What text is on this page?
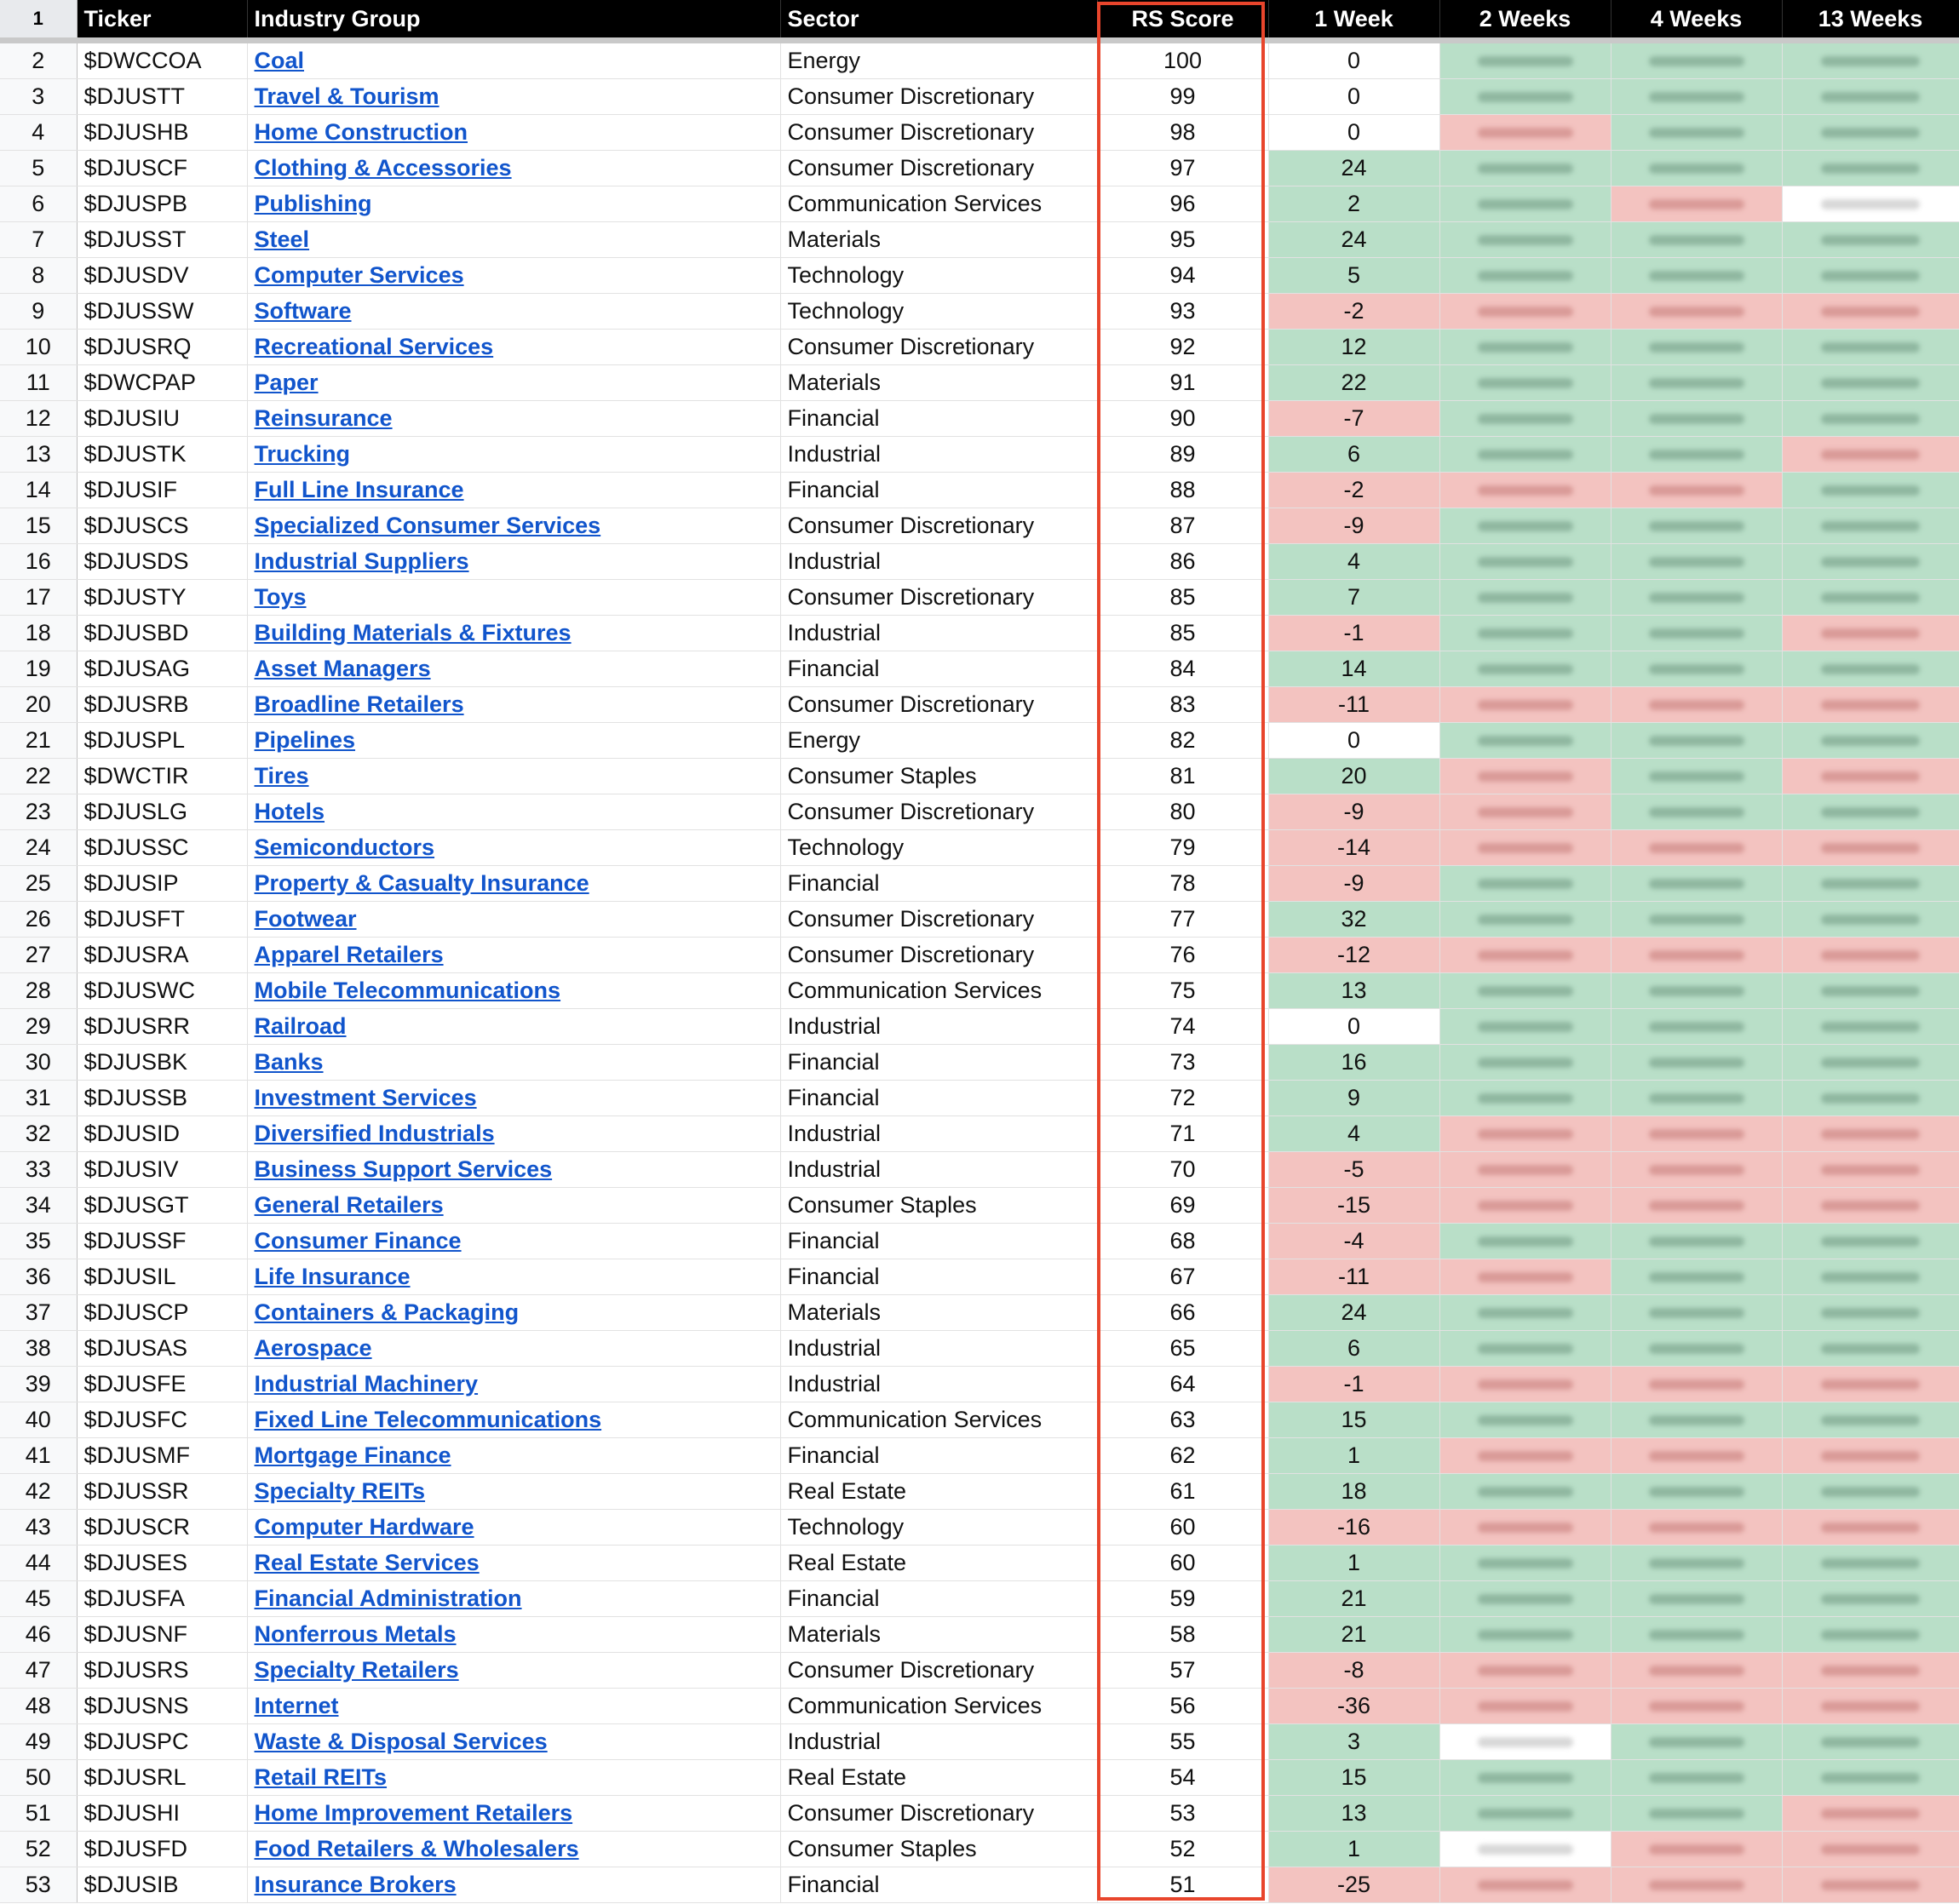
1	Ticker	Industry Group	Sector	RS Score	1 Week	2 Weeks	4 Weeks	13 Weeks
2	$DWCCOA	Coal	Energy	100	0	

3	$DJUSTT	Travel & Tourism	Consumer Discretionary	99	0	

4	$DJUSHB	Home Construction	Consumer Discretionary	98	0	

5	$DJUSCF	Clothing & Accessories	Consumer Discretionary	97	24	

6	$DJUSPB	Publishing	Communication Services	96	2	

7	$DJUSST	Steel	Materials	95	24	

8	$DJUSDV	Computer Services	Technology	94	5	

9	$DJUSSW	Software	Technology	93	-2	

10	$DJUSRQ	Recreational Services	Consumer Discretionary	92	12	

11	$DWCPAP	Paper	Materials	91	22	

12	$DJUSIU	Reinsurance	Financial	90	-7	

13	$DJUSTK	Trucking	Industrial	89	6	

14	$DJUSIF	Full Line Insurance	Financial	88	-2	

15	$DJUSCS	Specialized Consumer Services	Consumer Discretionary	87	-9	

16	$DJUSDS	Industrial Suppliers	Industrial	86	4	

17	$DJUSTY	Toys	Consumer Discretionary	85	7	

18	$DJUSBD	Building Materials & Fixtures	Industrial	85	-1	

19	$DJUSAG	Asset Managers	Financial	84	14	

20	$DJUSRB	Broadline Retailers	Consumer Discretionary	83	-11	

21	$DJUSPL	Pipelines	Energy	82	0	

22	$DWCTIR	Tires	Consumer Staples	81	20	

23	$DJUSLG	Hotels	Consumer Discretionary	80	-9	

24	$DJUSSC	Semiconductors	Technology	79	-14	

25	$DJUSIP	Property & Casualty Insurance	Financial	78	-9	

26	$DJUSFT	Footwear	Consumer Discretionary	77	32	

27	$DJUSRA	Apparel Retailers	Consumer Discretionary	76	-12	

28	$DJUSWC	Mobile Telecommunications	Communication Services	75	13	

29	$DJUSRR	Railroad	Industrial	74	0	

30	$DJUSBK	Banks	Financial	73	16	

31	$DJUSSB	Investment Services	Financial	72	9	

32	$DJUSID	Diversified Industrials	Industrial	71	4	

33	$DJUSIV	Business Support Services	Industrial	70	-5	

34	$DJUSGT	General Retailers	Consumer Staples	69	-15	

35	$DJUSSF	Consumer Finance	Financial	68	-4	

36	$DJUSIL	Life Insurance	Financial	67	-11	

37	$DJUSCP	Containers & Packaging	Materials	66	24	

38	$DJUSAS	Aerospace	Industrial	65	6	

39	$DJUSFE	Industrial Machinery	Industrial	64	-1	

40	$DJUSFC	Fixed Line Telecommunications	Communication Services	63	15	

41	$DJUSMF	Mortgage Finance	Financial	62	1	

42	$DJUSSR	Specialty REITs	Real Estate	61	18	

43	$DJUSCR	Computer Hardware	Technology	60	-16	

44	$DJUSES	Real Estate Services	Real Estate	60	1	

45	$DJUSFA	Financial Administration	Financial	59	21	

46	$DJUSNF	Nonferrous Metals	Materials	58	21	

47	$DJUSRS	Specialty Retailers	Consumer Discretionary	57	-8	

48	$DJUSNS	Internet	Communication Services	56	-36	

49	$DJUSPC	Waste & Disposal Services	Industrial	55	3	

50	$DJUSRL	Retail REITs	Real Estate	54	15	

51	$DJUSHI	Home Improvement Retailers	Consumer Discretionary	53	13	

52	$DJUSFD	Food Retailers & Wholesalers	Consumer Staples	52	1	

53	$DJUSIB	Insurance Brokers	Financial	51	-25	
